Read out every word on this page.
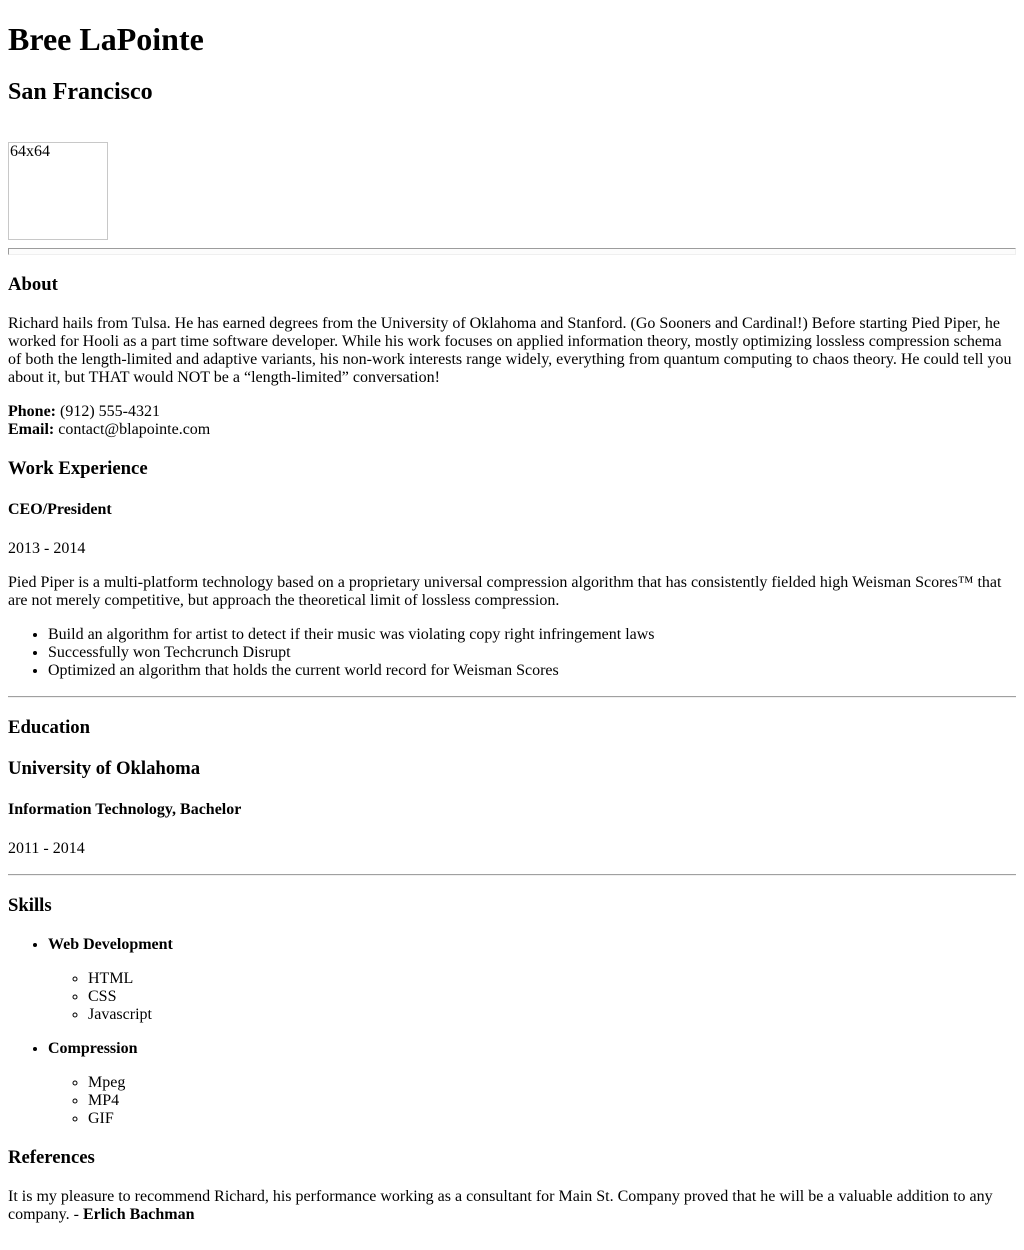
Bree LaPointe
San Francisco
64x64
About

Richard hails from Tulsa. He has earned degrees from the University of Oklahoma and Stanford. (Go Sooners and Cardinal!) Before starting Pied Piper, he worked for Hooli as a part time software developer. While his work focuses on applied information theory, mostly optimizing lossless compression schema of both the length-limited and adaptive variants, his non-work interests range widely, everything from quantum computing to chaos theory. He could tell you about it, but THAT would NOT be a “length-limited” conversation!

Phone: (912) 555-4321
Email: contact@blapointe.com

Work Experience
CEO/President

2013 - 2014

Pied Piper is a multi-platform technology based on a proprietary universal compression algorithm that has consistently fielded high Weisman Scores™ that are not merely competitive, but approach the theoretical limit of lossless compression.

• Build an algorithm for artist to detect if their music was violating copy right infringement laws
• Successfully won Techcrunch Disrupt
• Optimized an algorithm that holds the current world record for Weisman Scores
Education
University of Oklahoma
Information Technology, Bachelor

2011 - 2014

Skills
• Web Development
◦ HTML
◦ CSS
◦ Javascript
• Compression
◦ Mpeg
◦ MP4
◦ GIF
References

It is my pleasure to recommend Richard, his performance working as a consultant for Main St. Company proved that he will be a valuable addition to any company. - Erlich Bachman
